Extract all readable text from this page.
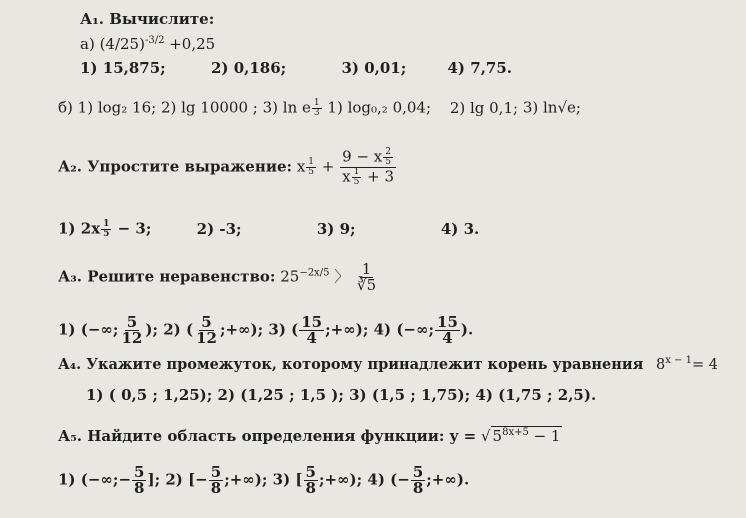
А₁. Вычислите:
а) $(4/25)^{-3/2} +0,25$
1) 15,875;	2) 0,186;	3) 0,01;	4) 7,75.
б) 1) log₂ 16; 2) lg 10000 ; 3) ln e $\frac{1}{3} 1$) log₀,₂ 0,04; 2) lg 0,1; 3) ln√e;
А₂. Упростите выражение: x $\frac{1}{5} + \frac{9 - x \frac{2}{5}}{x \frac{1}{5} + 3}$
1) $2x \frac{1}{5} - 3$;	2) -3;	3) 9;	4) 3.
А₃. Решите неравенство: $25^{-2x/5}$ 〉 $\frac{1}{∛5}$
1) (−∞; $\frac{5}{12}$ ); 2) ( $\frac{5}{12}$ ;+∞); 3) ( $\frac{15}{4}$ ;+∞); 4) (−∞; $\frac{15}{4}$ ).
А₄. Укажите промежуток, которому принадлежит корень уравнения $8^{x - 1}= 4$
1) ( 0,5 ; 1,25); 2) (1,25 ; 1,5 ); 3) (1,5 ; 1,75); 4) (1,75 ; 2,5).
А₅. Найдите область определения функции: y = √ $5^{8x+5} - 1$
1) (−∞;− $\frac{5}{8}$ ]; 2) [− $\frac{5}{8}$ ;+∞); 3) [ $\frac{5}{8}$ ;+∞); 4) (− $\frac{5}{8}$ ;+∞).
